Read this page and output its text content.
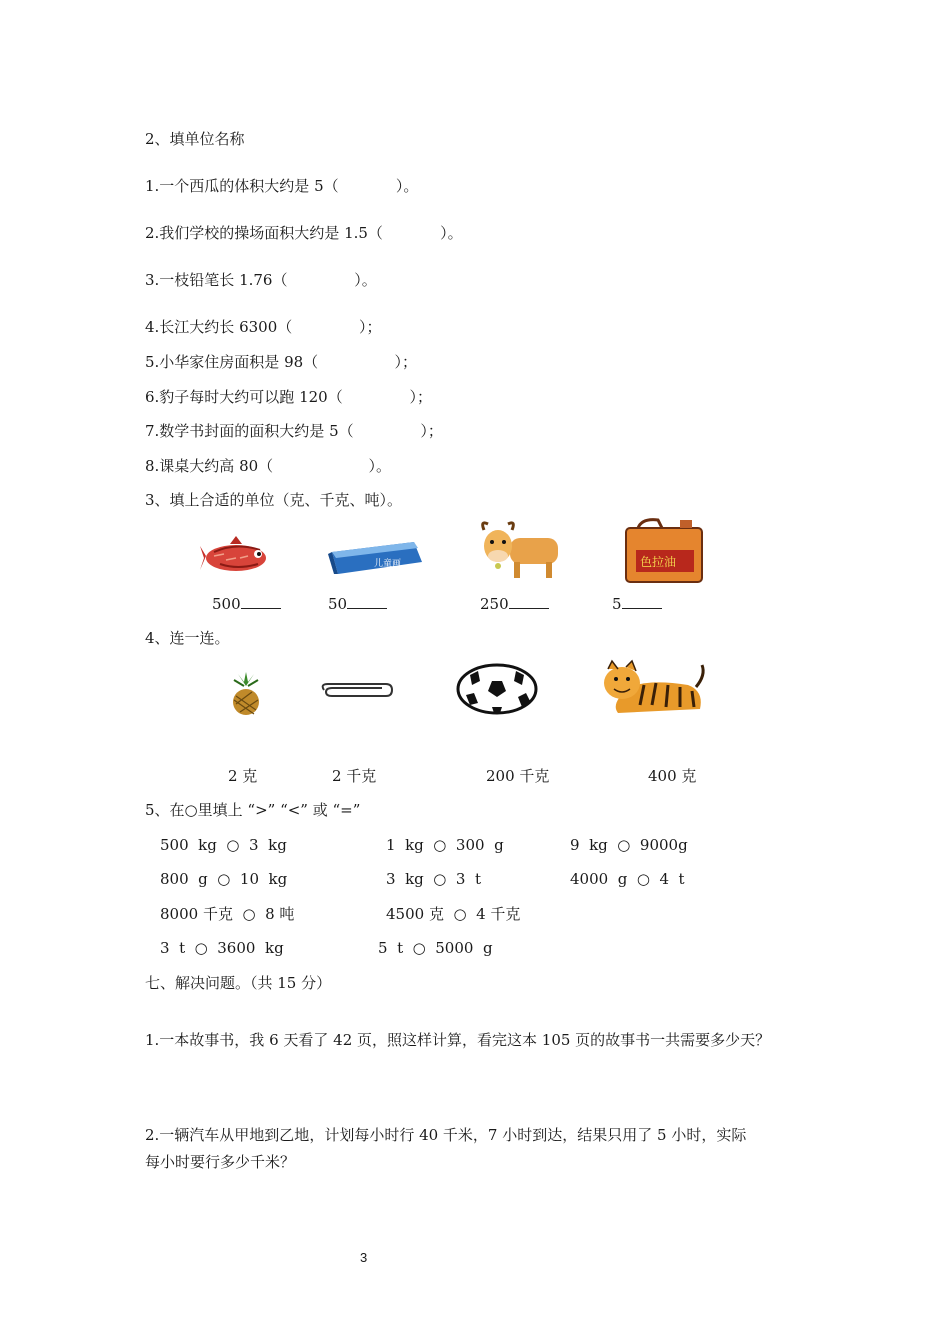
2、填单位名称
1.一个西瓜的体积大约是 5（            ）。
2.我们学校的操场面积大约是 1.5（            ）。
3.一枝铅笔长 1.76（              ）。
4.长江大约长 6300（              ）；
5.小华家住房面积是 98（                ）；
6.豹子每时大约可以跑 120（              ）；
7.数学书封面的面积大约是 5（              ）；
8.课桌大约高 80（                    ）。
3、填上合适的单位（克、千克、吨）。
儿童画	色拉油
500	50	250	5
4、连一连。
2 克	2 千克	200 千克	400 克
5、在○里填上 “>” “<” 或 “=”
500  kg  ○  3  kg	1  kg  ○  300  g	9  kg  ○  9000g
800  g  ○  10  kg	3  kg  ○  3  t	4000  g  ○  4  t
8000 千克  ○  8 吨	4500 克  ○  4 千克
3  t  ○  3600  kg	5  t  ○  5000  g
七、解决问题。（共 15 分）
1.一本故事书，我 6 天看了 42 页，照这样计算，看完这本 105 页的故事书一共需要多少天？
2.一辆汽车从甲地到乙地，计划每小时行 40 千米，7 小时到达，结果只用了 5 小时，实际
每小时要行多少千米？
3
